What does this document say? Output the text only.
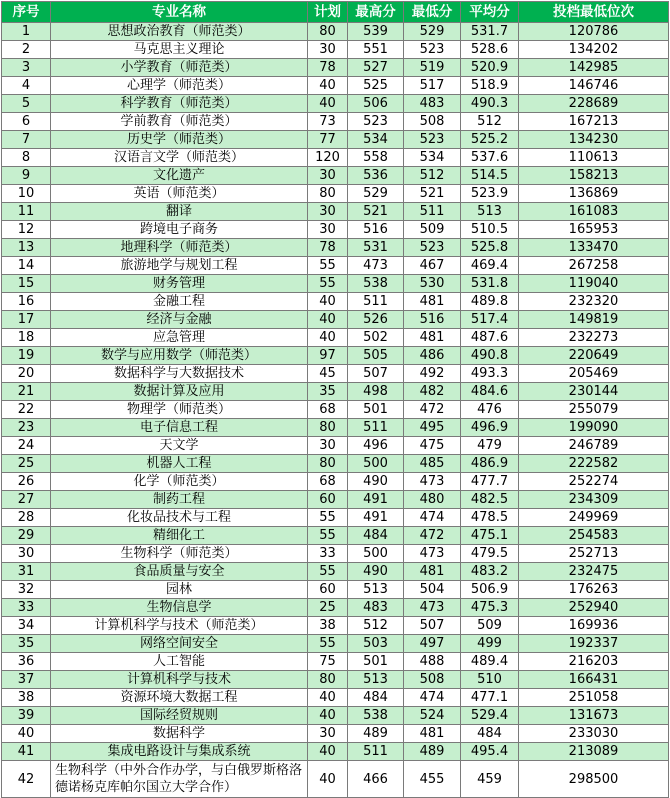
序号	专业名称	计划	最高分	最低分	平均分	投档最低位次
1	思想政治教育（师范类）	80	539	529	531.7	120786
2	马克思主义理论	30	551	523	528.6	134202
3	小学教育（师范类）	78	527	519	520.9	142985
4	心理学（师范类）	40	525	517	518.9	146746
5	科学教育（师范类）	40	506	483	490.3	228689
6	学前教育（师范类）	73	523	508	512	167213
7	历史学（师范类）	77	534	523	525.2	134230
8	汉语言文学（师范类）	120	558	534	537.6	110613
9	文化遗产	30	536	512	514.5	158213
10	英语（师范类）	80	529	521	523.9	136869
11	翻译	30	521	511	513	161083
12	跨境电子商务	30	516	509	510.5	165953
13	地理科学（师范类）	78	531	523	525.8	133470
14	旅游地学与规划工程	55	473	467	469.4	267258
15	财务管理	55	538	530	531.8	119040
16	金融工程	40	511	481	489.8	232320
17	经济与金融	40	526	516	517.4	149819
18	应急管理	40	502	481	487.6	232273
19	数学与应用数学（师范类）	97	505	486	490.8	220649
20	数据科学与大数据技术	45	507	492	493.3	205469
21	数据计算及应用	35	498	482	484.6	230144
22	物理学（师范类）	68	501	472	476	255079
23	电子信息工程	80	511	495	496.9	199090
24	天文学	30	496	475	479	246789
25	机器人工程	80	500	485	486.9	222582
26	化学（师范类）	68	490	473	477.7	252274
27	制药工程	60	491	480	482.5	234309
28	化妆品技术与工程	55	491	474	478.5	249969
29	精细化工	55	484	472	475.1	254583
30	生物科学（师范类）	33	500	473	479.5	252713
31	食品质量与安全	55	490	481	483.2	232475
32	园林	60	513	504	506.9	176263
33	生物信息学	25	483	473	475.3	252940
34	计算机科学与技术（师范类）	38	512	507	509	169936
35	网络空间安全	55	503	497	499	192337
36	人工智能	75	501	488	489.4	216203
37	计算机科学与技术	80	513	508	510	166431
38	资源环境大数据工程	40	484	474	477.1	251058
39	国际经贸规则	40	538	524	529.4	131673
40	数据科学	30	489	481	484	233030
41	集成电路设计与集成系统	40	511	489	495.4	213089
42	生物科学（中外合作办学，与白俄罗斯格洛德诺杨克库帕尔国立大学合作）	40	466	455	459	298500
